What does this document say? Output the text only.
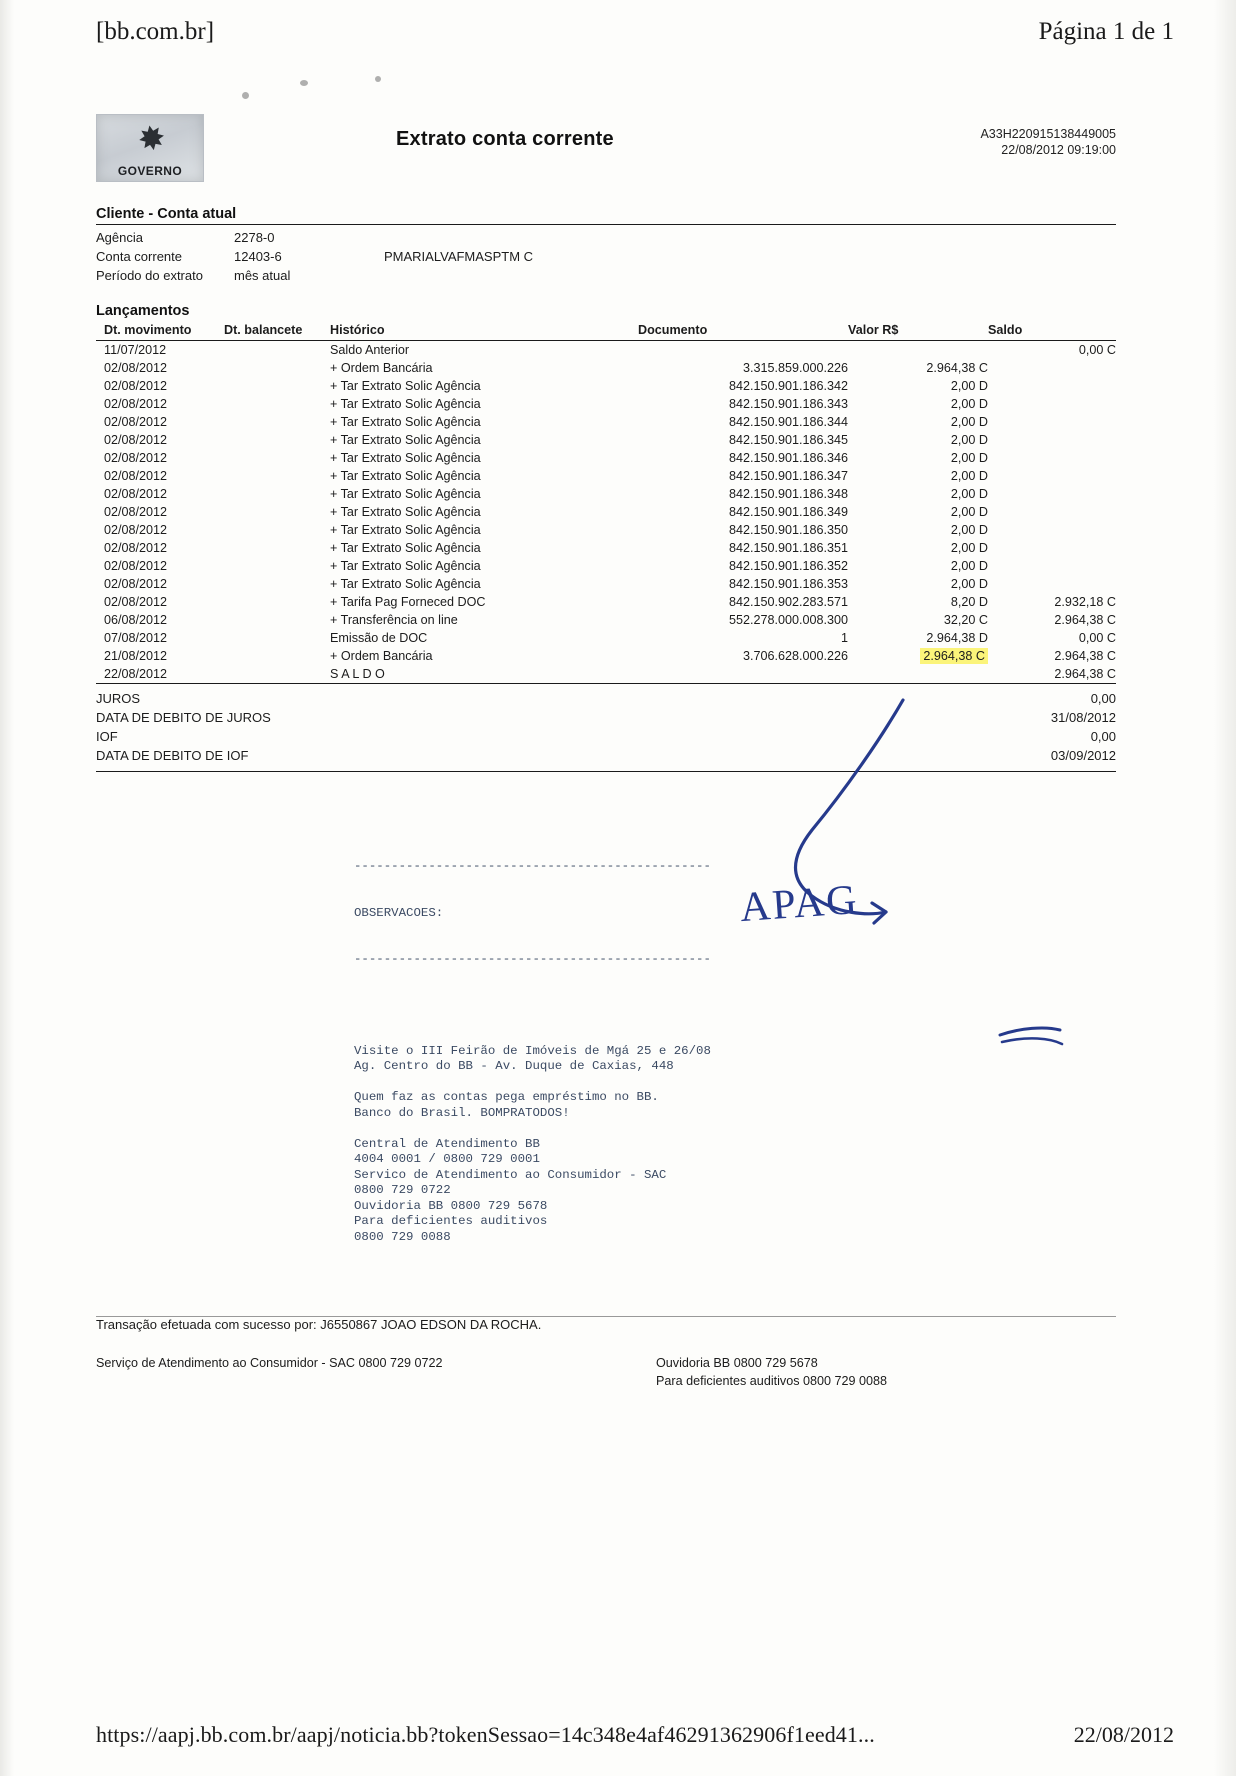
[bb.com.br]	Página 1 de 1
✸
GOVERNO
Extrato conta corrente	A33H220915138449005
22/08/2012 09:19:00
Cliente - Conta atual
Agência	2278-0
Conta corrente	12403-6	PMARIALVAFMASPTM C
Período do extrato	mês atual
Lançamentos
Dt. movimento	Dt. balancete	Histórico	Documento	Valor R$	Saldo
11/07/2012		Saldo Anterior			0,00 C
02/08/2012		+ Ordem Bancária	3.315.859.000.226	2.964,38 C	
02/08/2012		+ Tar Extrato Solic Agência	842.150.901.186.342	2,00 D	
02/08/2012		+ Tar Extrato Solic Agência	842.150.901.186.343	2,00 D	
02/08/2012		+ Tar Extrato Solic Agência	842.150.901.186.344	2,00 D	
02/08/2012		+ Tar Extrato Solic Agência	842.150.901.186.345	2,00 D	
02/08/2012		+ Tar Extrato Solic Agência	842.150.901.186.346	2,00 D	
02/08/2012		+ Tar Extrato Solic Agência	842.150.901.186.347	2,00 D	
02/08/2012		+ Tar Extrato Solic Agência	842.150.901.186.348	2,00 D	
02/08/2012		+ Tar Extrato Solic Agência	842.150.901.186.349	2,00 D	
02/08/2012		+ Tar Extrato Solic Agência	842.150.901.186.350	2,00 D	
02/08/2012		+ Tar Extrato Solic Agência	842.150.901.186.351	2,00 D	
02/08/2012		+ Tar Extrato Solic Agência	842.150.901.186.352	2,00 D	
02/08/2012		+ Tar Extrato Solic Agência	842.150.901.186.353	2,00 D	
02/08/2012		+ Tarifa Pag Forneced DOC	842.150.902.283.571	8,20 D	2.932,18 C
06/08/2012		+ Transferência on line	552.278.000.008.300	32,20 C	2.964,38 C
07/08/2012		Emissão de DOC	1	2.964,38 D	0,00 C
21/08/2012		+ Ordem Bancária	3.706.628.000.226	2.964,38 C	2.964,38 C
22/08/2012		S A L D O			2.964,38 C
JUROS	0,00
DATA DE DEBITO DE JUROS	31/08/2012
IOF	0,00
DATA DE DEBITO DE IOF	03/09/2012

------------------------------------------------

OBSERVACOES:

------------------------------------------------

Visite o III Feirão de Imóveis de Mgá 25 e 26/08

Ag. Centro do BB - Av. Duque de Caxias, 448

Quem faz as contas pega empréstimo no BB.

Banco do Brasil. BOMPRATODOS!

Central de Atendimento BB

4004 0001 / 0800 729 0001

Servico de Atendimento ao Consumidor - SAC

0800 729 0722

Ouvidoria BB 0800 729 5678

Para deficientes auditivos

0800 729 0088

Transação efetuada com sucesso por: J6550867 JOAO EDSON DA ROCHA.
Serviço de Atendimento ao Consumidor - SAC 0800 729 0722	Ouvidoria BB 0800 729 5678
Para deficientes auditivos 0800 729 0088
APAG
https://aapj.bb.com.br/aapj/noticia.bb?tokenSessao=14c348e4af46291362906f1eed41...	22/08/2012
